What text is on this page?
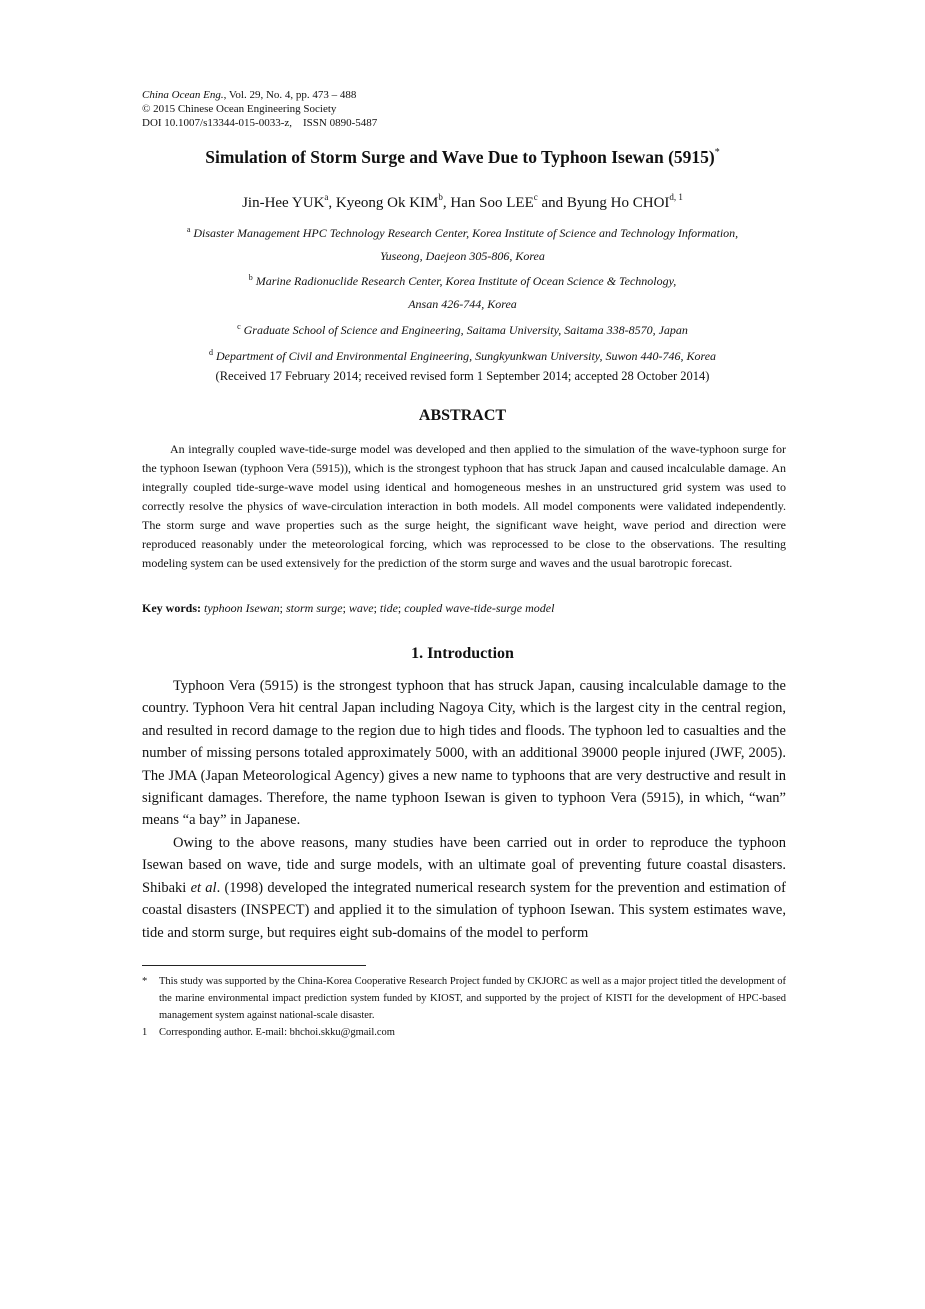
China Ocean Eng., Vol. 29, No. 4, pp. 473 – 488
© 2015 Chinese Ocean Engineering Society
DOI 10.1007/s13344-015-0033-z,    ISSN 0890-5487
Simulation of Storm Surge and Wave Due to Typhoon Isewan (5915)*
Jin-Hee YUK$^a$, Kyeong Ok KIM$^b$, Han Soo LEE$^c$ and Byung Ho CHOI$^{d, 1}$
$^a$ Disaster Management HPC Technology Research Center, Korea Institute of Science and Technology Information,
Yuseong, Daejeon 305-806, Korea
$^b$ Marine Radionuclide Research Center, Korea Institute of Ocean Science & Technology,
Ansan 426-744, Korea
$^c$ Graduate School of Science and Engineering, Saitama University, Saitama 338-8570, Japan
$^d$ Department of Civil and Environmental Engineering, Sungkyunkwan University, Suwon 440-746, Korea
(Received 17 February 2014; received revised form 1 September 2014; accepted 28 October 2014)
ABSTRACT

An integrally coupled wave-tide-surge model was developed and then applied to the simulation of the wave-typhoon surge for the typhoon Isewan (typhoon Vera (5915)), which is the strongest typhoon that has struck Japan and caused incalculable damage. An integrally coupled tide-surge-wave model using identical and homogeneous meshes in an unstructured grid system was used to correctly resolve the physics of wave-circulation interaction in both models. All model components were validated independently. The storm surge and wave properties such as the surge height, the significant wave height, wave period and direction were reproduced reasonably under the meteorological forcing, which was reprocessed to be close to the observations. The resulting modeling system can be used extensively for the prediction of the storm surge and waves and the usual barotropic forecast.

Key words: typhoon Isewan; storm surge; wave; tide; coupled wave-tide-surge model
1. Introduction

Typhoon Vera (5915) is the strongest typhoon that has struck Japan, causing incalculable damage to the country. Typhoon Vera hit central Japan including Nagoya City, which is the largest city in the central region, and resulted in record damage to the region due to high tides and floods. The typhoon led to casualties and the number of missing persons totaled approximately 5000, with an additional 39000 people injured (JWF, 2005). The JMA (Japan Meteorological Agency) gives a new name to typhoons that are very destructive and result in significant damages. Therefore, the name typhoon Isewan is given to typhoon Vera (5915), in which, “wan” means “a bay” in Japanese.

Owing to the above reasons, many studies have been carried out in order to reproduce the typhoon Isewan based on wave, tide and surge models, with an ultimate goal of preventing future coastal disasters. Shibaki et al. (1998) developed the integrated numerical research system for the prevention and estimation of coastal disasters (INSPECT) and applied it to the simulation of typhoon Isewan. This system estimates wave, tide and storm surge, but requires eight sub-domains of the model to perform

* This study was supported by the China-Korea Cooperative Research Project funded by CKJORC as well as a major project titled the development of the marine environmental impact prediction system funded by KIOST, and supported by the project of KISTI for the development of HPC-based management system against national-scale disaster.
1 Corresponding author. E-mail: bhchoi.skku@gmail.com
